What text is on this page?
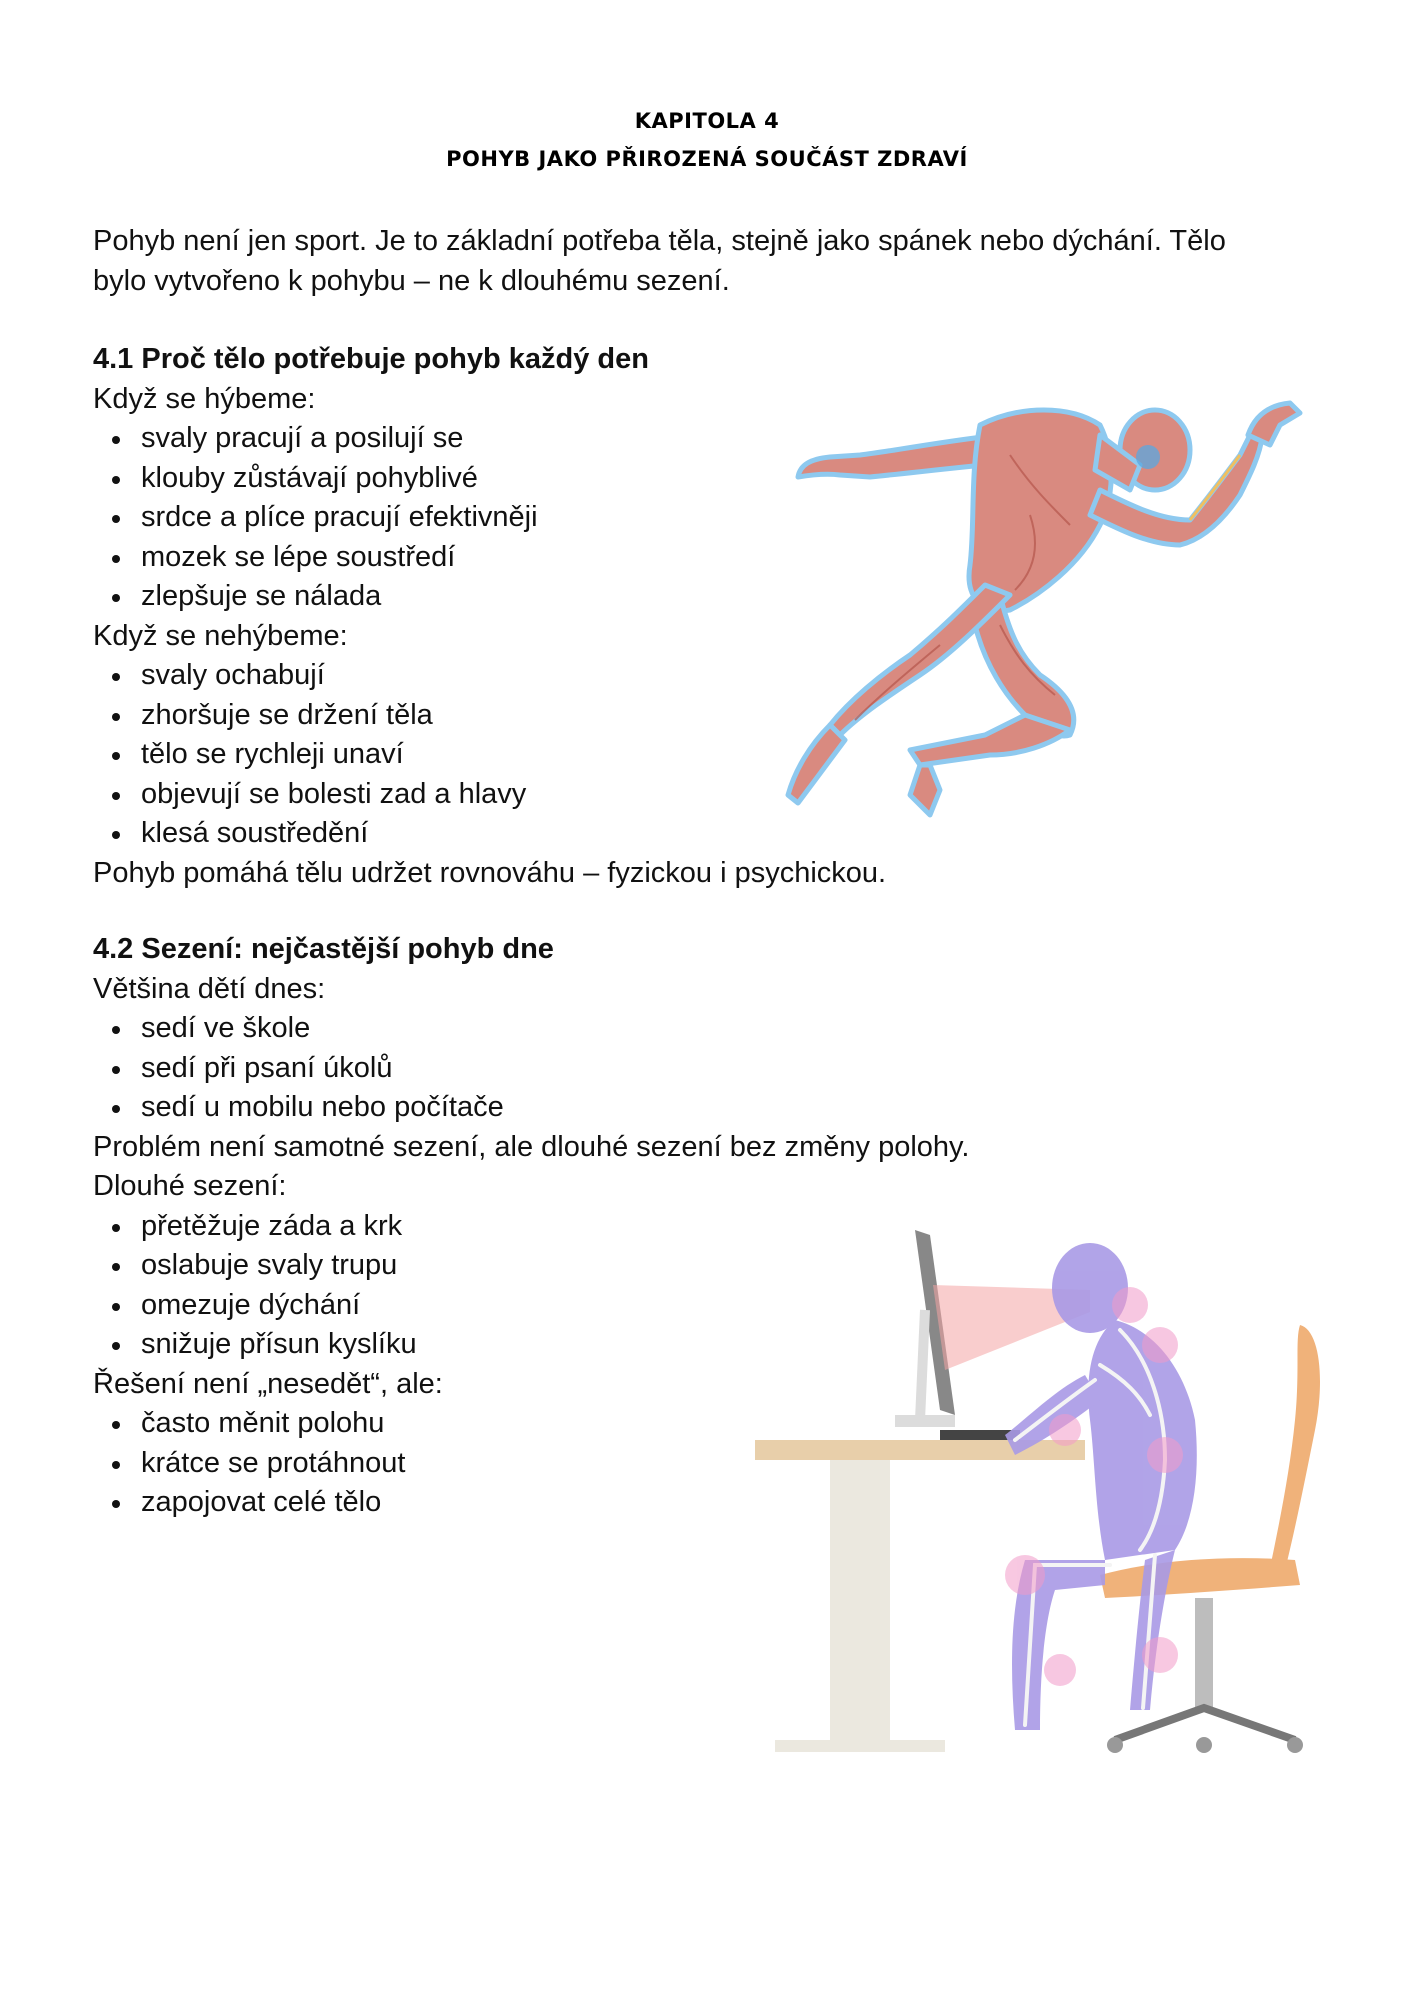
KAPITOLA 4
POHYB JAKO PŘIROZENÁ SOUČÁST ZDRAVÍ
Pohyb není jen sport. Je to základní potřeba těla, stejně jako spánek nebo dýchání. Tělo
bylo vytvořeno k pohybu – ne k dlouhému sezení.
4.1 Proč tělo potřebuje pohyb každý den
Když se hýbeme:
svaly pracují a posilují se
klouby zůstávají pohyblivé
srdce a plíce pracují efektivněji
mozek se lépe soustředí
zlepšuje se nálada
Když se nehýbeme:
svaly ochabují
zhoršuje se držení těla
tělo se rychleji unaví
objevují se bolesti zad a hlavy
klesá soustředění
Pohyb pomáhá tělu udržet rovnováhu – fyzickou i psychickou.
4.2 Sezení: nejčastější pohyb dne
Většina dětí dnes:
sedí ve škole
sedí při psaní úkolů
sedí u mobilu nebo počítače
Problém není samotné sezení, ale dlouhé sezení bez změny polohy.
Dlouhé sezení:
přetěžuje záda a krk
oslabuje svaly trupu
omezuje dýchání
snižuje přísun kyslíku
Řešení není „nesedět“, ale:
často měnit polohu
krátce se protáhnout
zapojovat celé tělo
